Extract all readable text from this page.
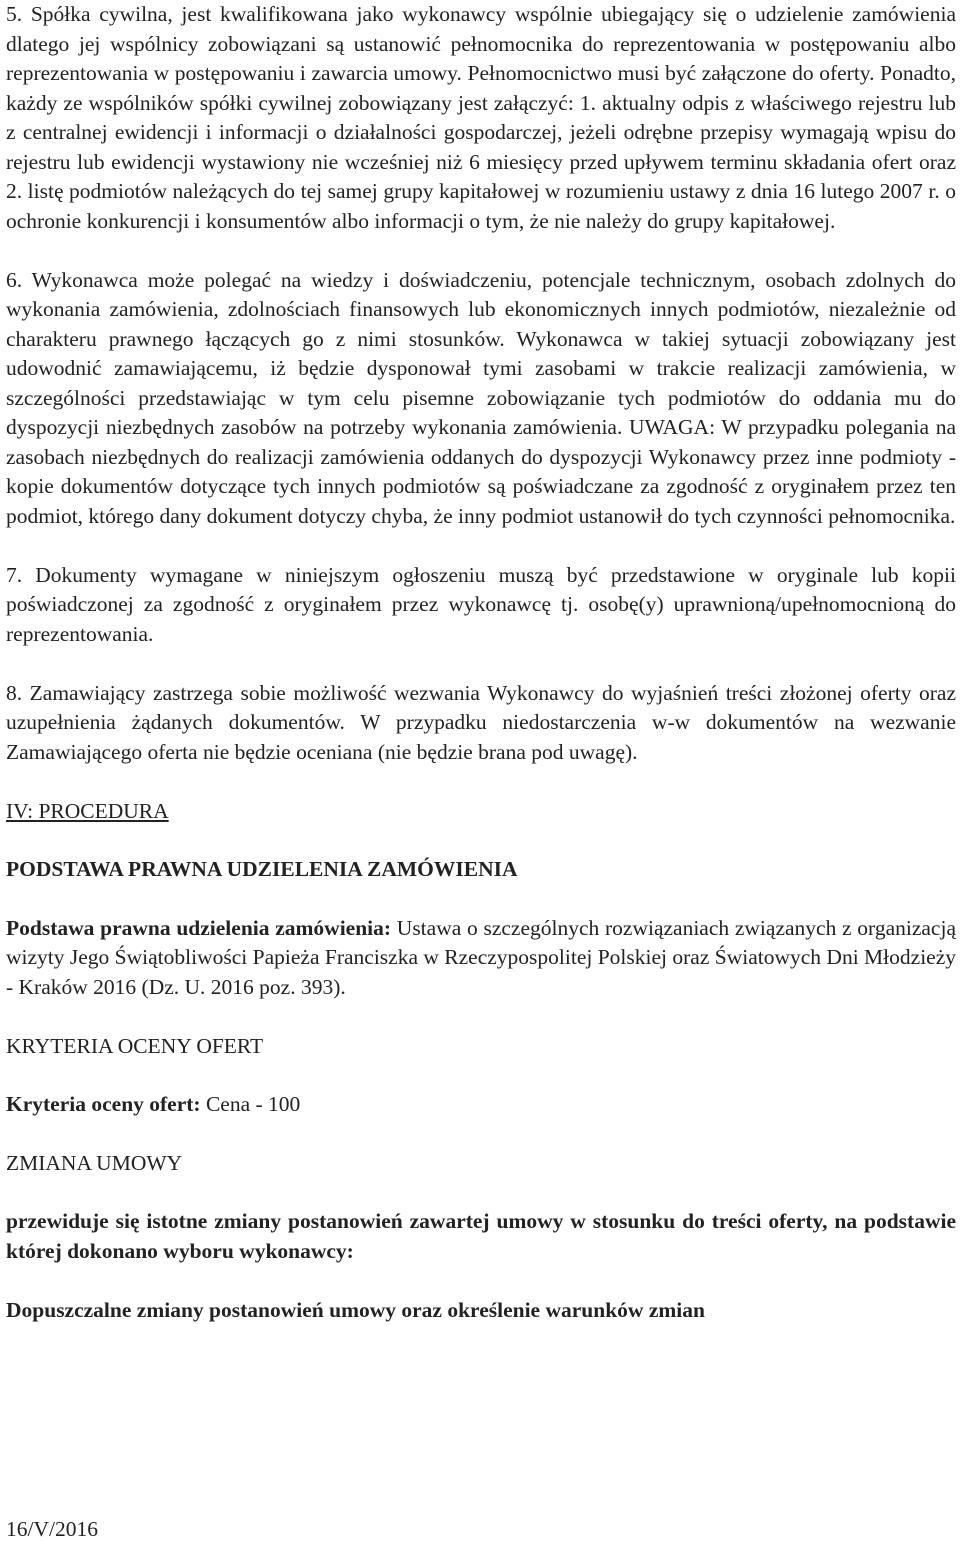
5. Spółka cywilna, jest kwalifikowana jako wykonawcy wspólnie ubiegający się o udzielenie zamówienia dlatego jej wspólnicy zobowiązani są ustanowić pełnomocnika do reprezentowania w postępowaniu albo reprezentowania w postępowaniu i zawarcia umowy. Pełnomocnictwo musi być załączone do oferty. Ponadto, każdy ze wspólników spółki cywilnej zobowiązany jest załączyć: 1. aktualny odpis z właściwego rejestru lub z centralnej ewidencji i informacji o działalności gospodarczej, jeżeli odrębne przepisy wymagają wpisu do rejestru lub ewidencji wystawiony nie wcześniej niż 6 miesięcy przed upływem terminu składania ofert oraz 2. listę podmiotów należących do tej samej grupy kapitałowej w rozumieniu ustawy z dnia 16 lutego 2007 r. o ochronie konkurencji i konsumentów albo informacji o tym, że nie należy do grupy kapitałowej.

6. Wykonawca może polegać na wiedzy i doświadczeniu, potencjale technicznym, osobach zdolnych do wykonania zamówienia, zdolnościach finansowych lub ekonomicznych innych podmiotów, niezależnie od charakteru prawnego łączących go z nimi stosunków. Wykonawca w takiej sytuacji zobowiązany jest udowodnić zamawiającemu, iż będzie dysponował tymi zasobami w trakcie realizacji zamówienia, w szczególności przedstawiając w tym celu pisemne zobowiązanie tych podmiotów do oddania mu do dyspozycji niezbędnych zasobów na potrzeby wykonania zamówienia. UWAGA: W przypadku polegania na zasobach niezbędnych do realizacji zamówienia oddanych do dyspozycji Wykonawcy przez inne podmioty - kopie dokumentów dotyczące tych innych podmiotów są poświadczane za zgodność z oryginałem przez ten podmiot, którego dany dokument dotyczy chyba, że inny podmiot ustanowił do tych czynności pełnomocnika.

7. Dokumenty wymagane w niniejszym ogłoszeniu muszą być przedstawione w oryginale lub kopii poświadczonej za zgodność z oryginałem przez wykonawcę tj. osobę(y) uprawnioną/upełnomocnioną do reprezentowania.

8. Zamawiający zastrzega sobie możliwość wezwania Wykonawcy do wyjaśnień treści złożonej oferty oraz uzupełnienia żądanych dokumentów. W przypadku niedostarczenia w-w dokumentów na wezwanie Zamawiającego oferta nie będzie oceniana (nie będzie brana pod uwagę).

IV: PROCEDURA

PODSTAWA PRAWNA UDZIELENIA ZAMÓWIENIA

Podstawa prawna udzielenia zamówienia: Ustawa o szczególnych rozwiązaniach związanych z organizacją wizyty Jego Świątobliwości Papieża Franciszka w Rzeczypospolitej Polskiej oraz Światowych Dni Młodzieży - Kraków 2016 (Dz. U. 2016 poz. 393).

KRYTERIA OCENY OFERT

Kryteria oceny ofert: Cena - 100

ZMIANA UMOWY

przewiduje się istotne zmiany postanowień zawartej umowy w stosunku do treści oferty, na podstawie której dokonano wyboru wykonawcy:

Dopuszczalne zmiany postanowień umowy oraz określenie warunków zmian

16/V/2016
